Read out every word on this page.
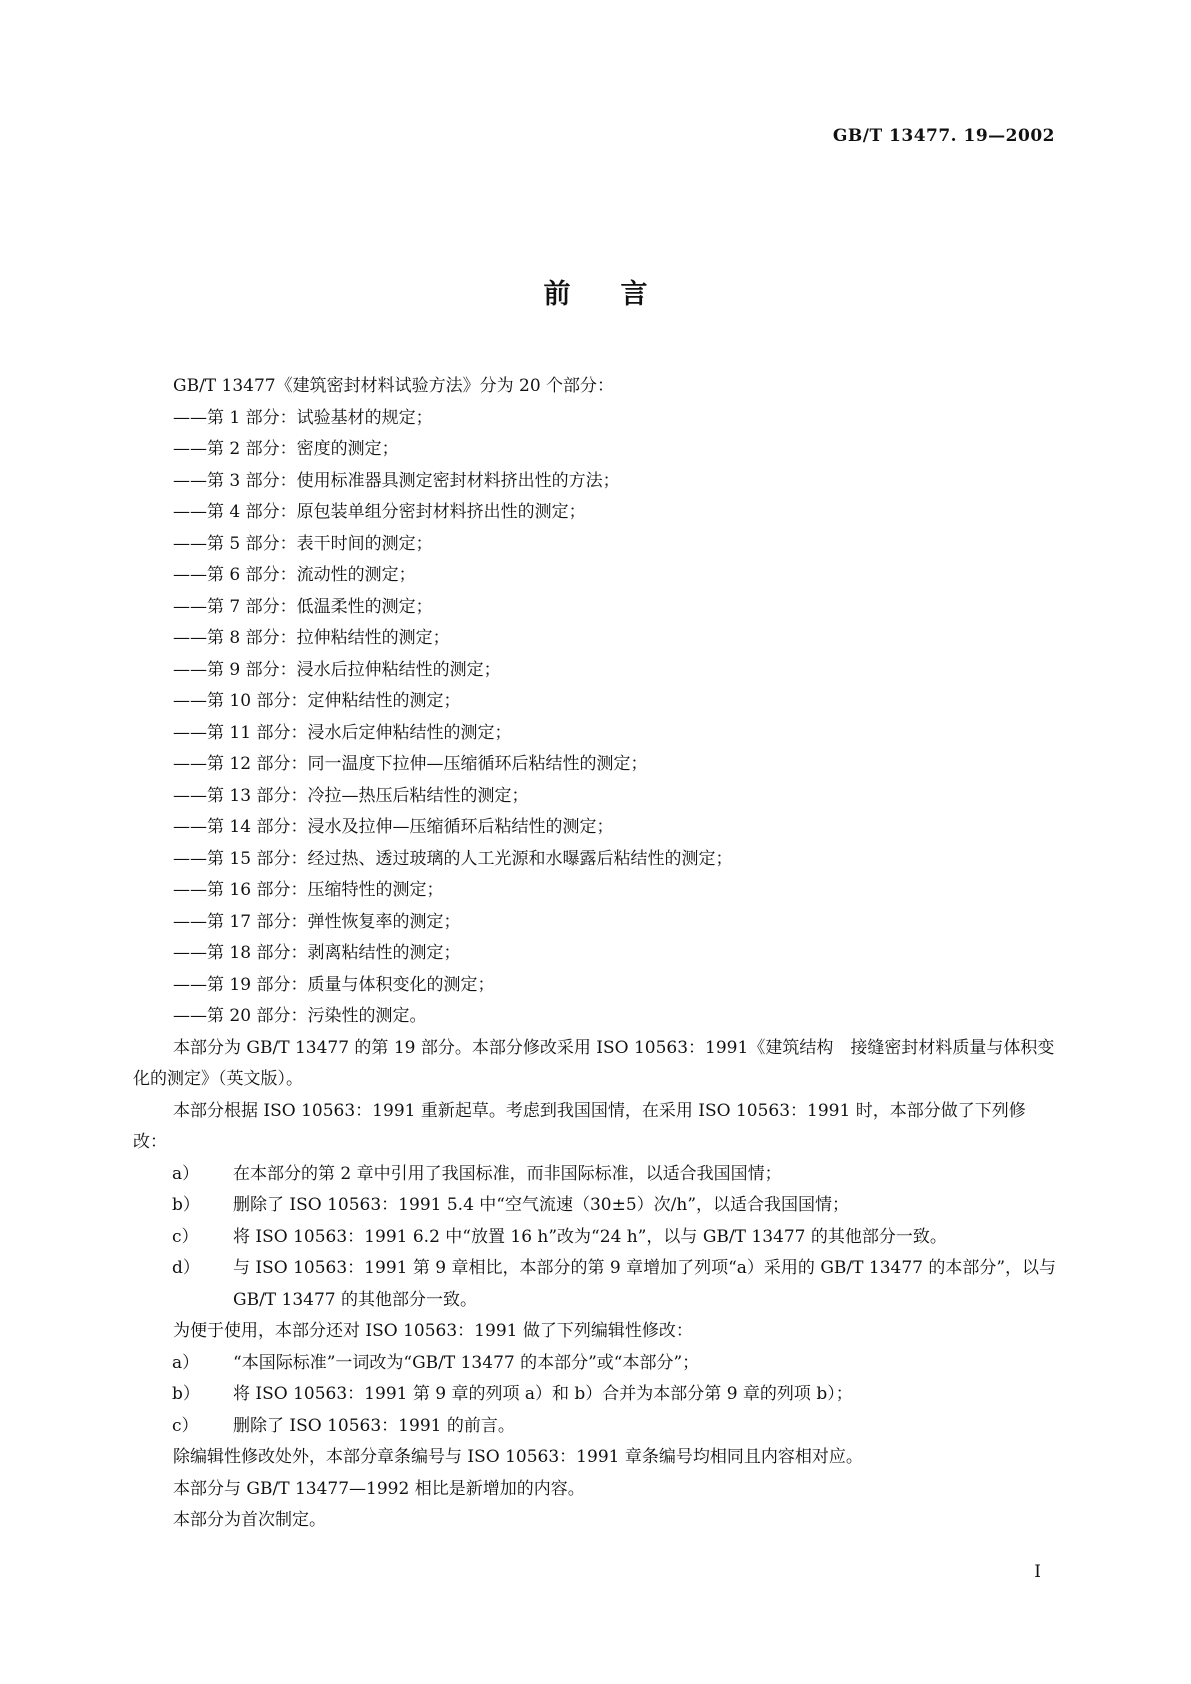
GB/T 13477. 19—2002
前言

GB/T 13477《建筑密封材料试验方法》分为 20 个部分：

——第 1 部分：试验基材的规定；

——第 2 部分：密度的测定；

——第 3 部分：使用标准器具测定密封材料挤出性的方法；

——第 4 部分：原包装单组分密封材料挤出性的测定；

——第 5 部分：表干时间的测定；

——第 6 部分：流动性的测定；

——第 7 部分：低温柔性的测定；

——第 8 部分：拉伸粘结性的测定；

——第 9 部分：浸水后拉伸粘结性的测定；

——第 10 部分：定伸粘结性的测定；

——第 11 部分：浸水后定伸粘结性的测定；

——第 12 部分：同一温度下拉伸—压缩循环后粘结性的测定；

——第 13 部分：冷拉—热压后粘结性的测定；

——第 14 部分：浸水及拉伸—压缩循环后粘结性的测定；

——第 15 部分：经过热、透过玻璃的人工光源和水曝露后粘结性的测定；

——第 16 部分：压缩特性的测定；

——第 17 部分：弹性恢复率的测定；

——第 18 部分：剥离粘结性的测定；

——第 19 部分：质量与体积变化的测定；

——第 20 部分：污染性的测定。

本部分为 GB/T 13477 的第 19 部分。本部分修改采用 ISO 10563：1991《建筑结构　接缝密封材料质量与体积变化的测定》（英文版）。

本部分根据 ISO 10563：1991 重新起草。考虑到我国国情，在采用 ISO 10563：1991 时，本部分做了下列修改：

a） 在本部分的第 2 章中引用了我国标准，而非国际标准，以适合我国国情；

b） 删除了 ISO 10563：1991 5.4 中“空气流速（30±5）次/h”，以适合我国国情；

c） 将 ISO 10563：1991 6.2 中“放置 16 h”改为“24 h”，以与 GB/T 13477 的其他部分一致。

d） 与 ISO 10563：1991 第 9 章相比，本部分的第 9 章增加了列项“a）采用的 GB/T 13477 的本部分”，以与 GB/T 13477 的其他部分一致。

为便于使用，本部分还对 ISO 10563：1991 做了下列编辑性修改：

a） “本国际标准”一词改为“GB/T 13477 的本部分”或“本部分”；

b） 将 ISO 10563：1991 第 9 章的列项 a）和 b）合并为本部分第 9 章的列项 b）；

c） 删除了 ISO 10563：1991 的前言。

除编辑性修改处外，本部分章条编号与 ISO 10563：1991 章条编号均相同且内容相对应。

本部分与 GB/T 13477—1992 相比是新增加的内容。

本部分为首次制定。

I
